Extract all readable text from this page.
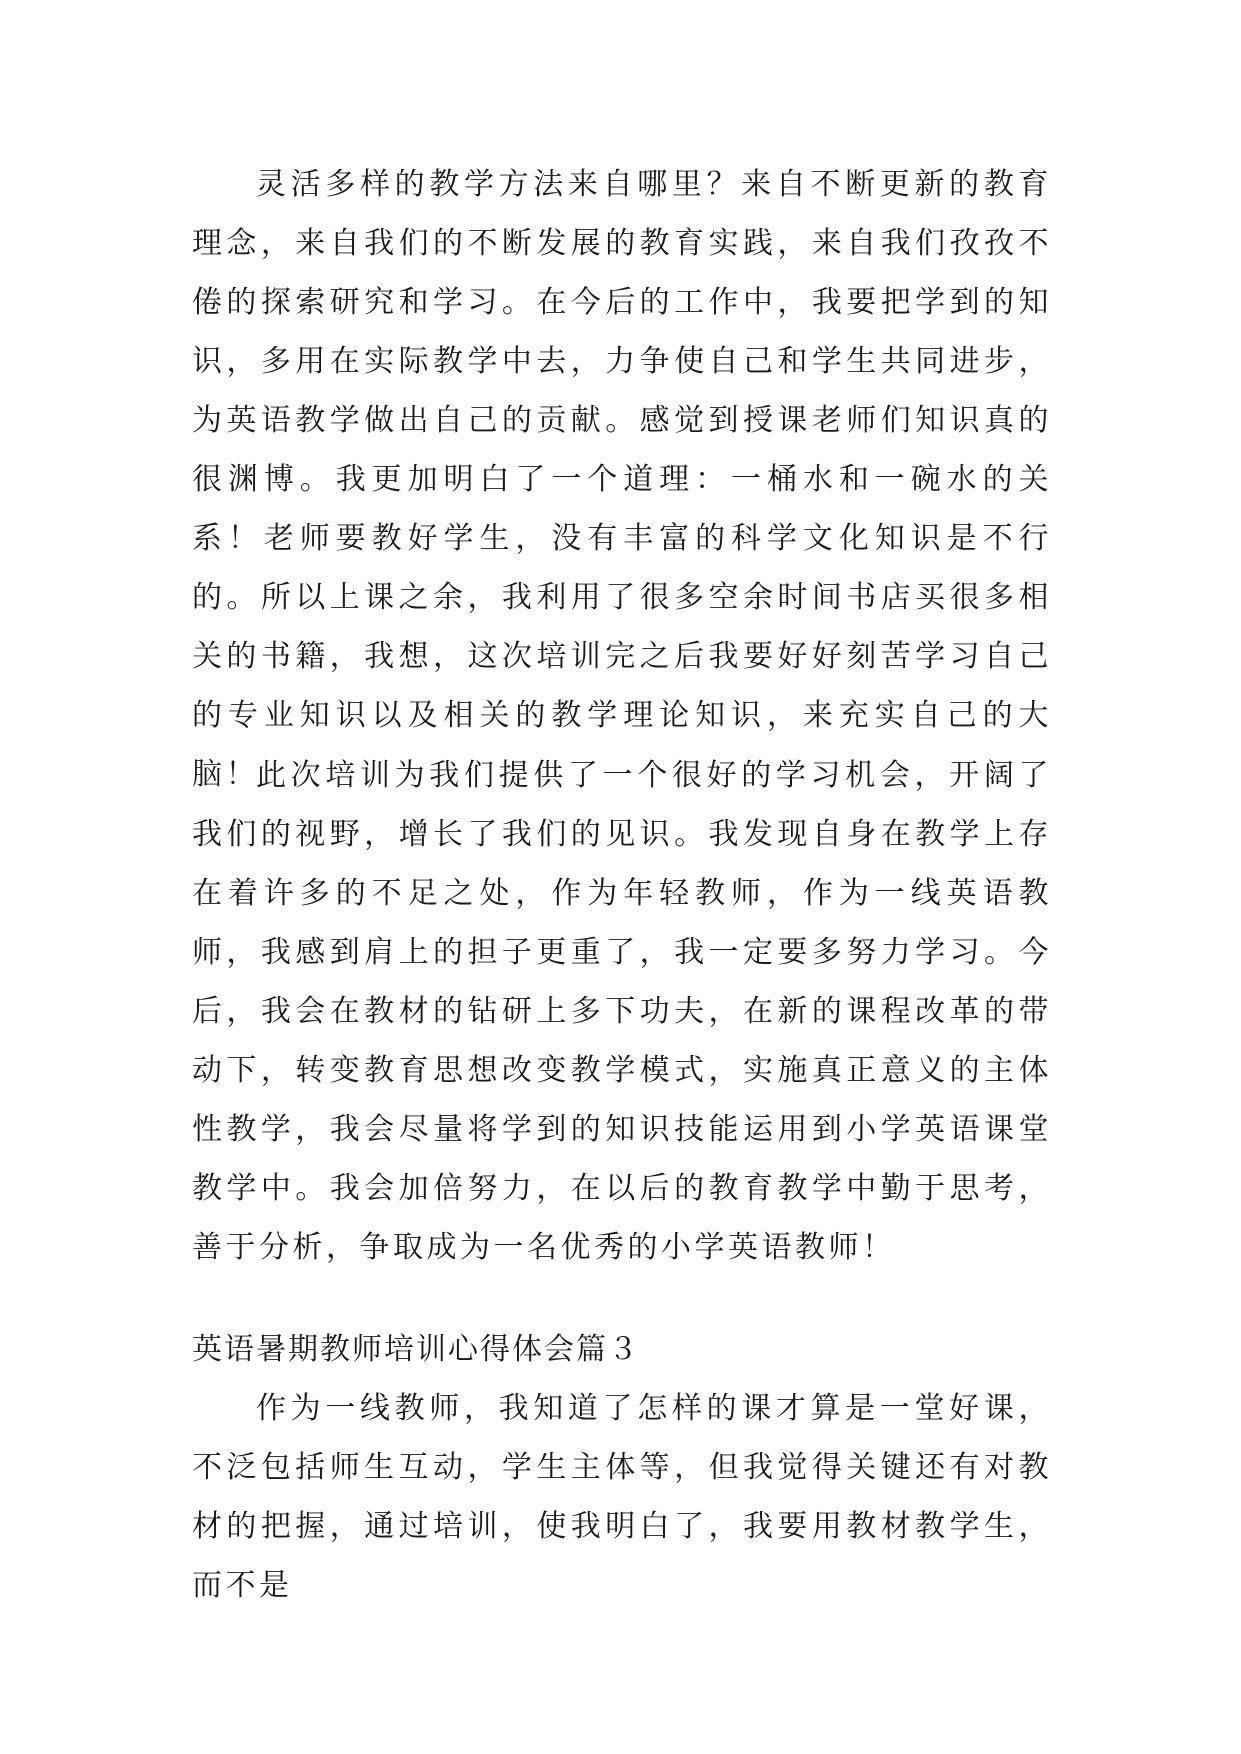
灵活多样的教学方法来自哪里？来自不断更新的教育理念，来自我们的不断发展的教育实践，来自我们孜孜不倦的探索研究和学习。在今后的工作中，我要把学到的知识，多用在实际教学中去，力争使自己和学生共同进步，为英语教学做出自己的贡献。感觉到授课老师们知识真的很渊博。我更加明白了一个道理：一桶水和一碗水的关系！老师要教好学生，没有丰富的科学文化知识是不行的。所以上课之余，我利用了很多空余时间书店买很多相关的书籍，我想，这次培训完之后我要好好刻苦学习自己的专业知识以及相关的教学理论知识，来充实自己的大脑！

此次培训为我们提供了一个很好的学习机会，开阔了我们的视野，增长了我们的见识。我发现自身在教学上存在着许多的不足之处，作为年轻教师，作为一线英语教师，我感到肩上的担子更重了，我一定要多努力学习。今后，我会在教材的钻研上多下功夫，在新的课程改革的带动下，转变教育思想改变教学模式，实施真正意义的主体性教学，我会尽量将学到的知识技能运用到小学英语课堂教学中。我会加倍努力，在以后的教育教学中勤于思考，善于分析，争取成为一名优秀的小学英语教师！

英语暑期教师培训心得体会篇３

作为一线教师，我知道了怎样的课才算是一堂好课，不泛包括师生互动，学生主体等，但我觉得关键还有对教材的把握，通过培训，使我明白了，我要用教材教学生，而不是
